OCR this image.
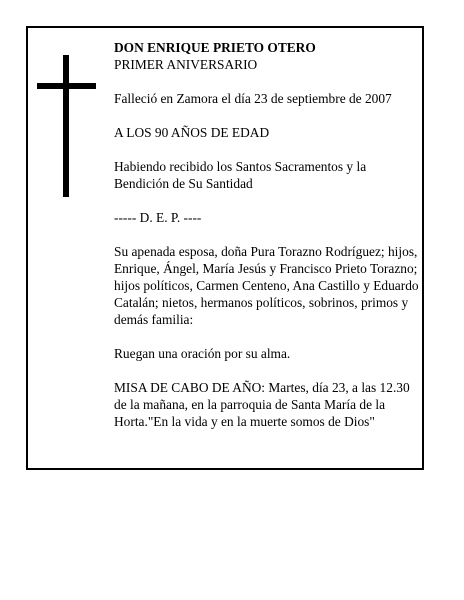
DON ENRIQUE PRIETO OTERO
PRIMER ANIVERSARIO

Falleció en Zamora el día 23 de septiembre de 2007

A LOS 90 AÑOS DE EDAD

Habiendo recibido los Santos Sacramentos y la Bendición de Su Santidad

----- D. E. P. ----

Su apenada esposa, doña Pura Torazno Rodríguez; hijos, Enrique, Ángel, María Jesús y Francisco Prieto Torazno; hijos políticos, Carmen Centeno, Ana Castillo y Eduardo Catalán; nietos, hermanos políticos, sobrinos, primos y demás familia:

Ruegan una oración por su alma.

MISA DE CABO DE AÑO: Martes, día 23, a las 12.30 de la mañana, en la parroquia de Santa María de la Horta."En la vida y en la muerte somos de Dios"
